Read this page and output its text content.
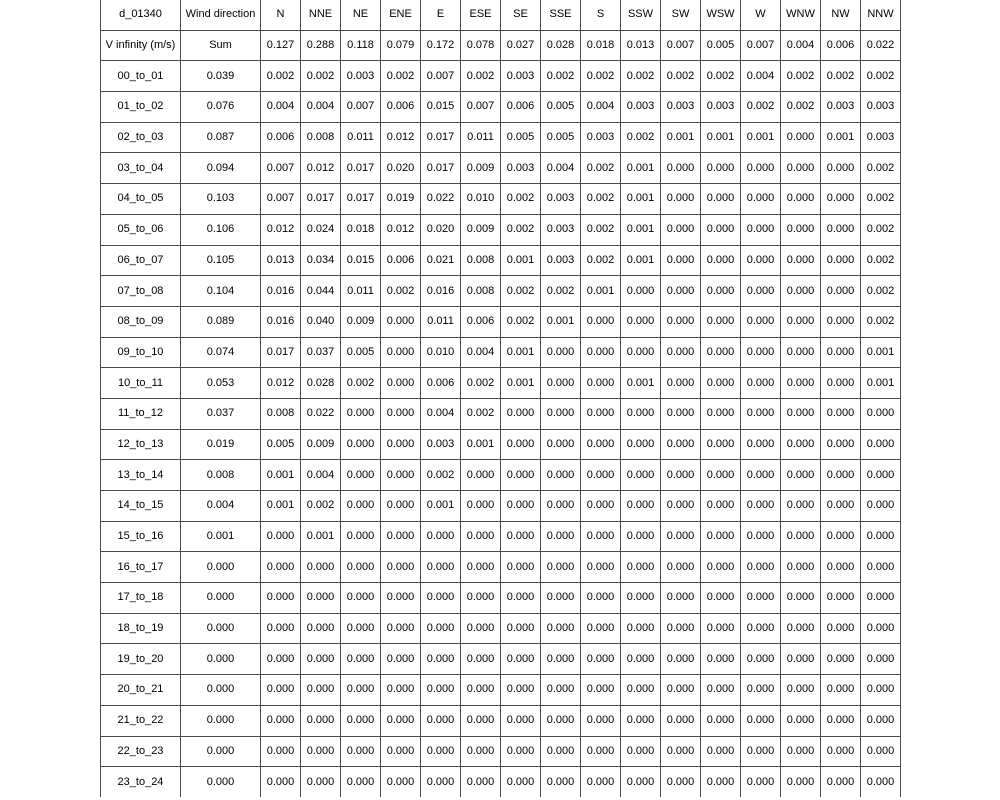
d_01340	Wind direction	N	NNE	NE	ENE	E	ESE	SE	SSE	S	SSW	SW	WSW	W	WNW	NW	NNW
V infinity (m/s)	Sum	0.127	0.288	0.118	0.079	0.172	0.078	0.027	0.028	0.018	0.013	0.007	0.005	0.007	0.004	0.006	0.022
00_to_01	0.039	0.002	0.002	0.003	0.002	0.007	0.002	0.003	0.002	0.002	0.002	0.002	0.002	0.004	0.002	0.002	0.002
01_to_02	0.076	0.004	0.004	0.007	0.006	0.015	0.007	0.006	0.005	0.004	0.003	0.003	0.003	0.002	0.002	0.003	0.003
02_to_03	0.087	0.006	0.008	0.011	0.012	0.017	0.011	0.005	0.005	0.003	0.002	0.001	0.001	0.001	0.000	0.001	0.003
03_to_04	0.094	0.007	0.012	0.017	0.020	0.017	0.009	0.003	0.004	0.002	0.001	0.000	0.000	0.000	0.000	0.000	0.002
04_to_05	0.103	0.007	0.017	0.017	0.019	0.022	0.010	0.002	0.003	0.002	0.001	0.000	0.000	0.000	0.000	0.000	0.002
05_to_06	0.106	0.012	0.024	0.018	0.012	0.020	0.009	0.002	0.003	0.002	0.001	0.000	0.000	0.000	0.000	0.000	0.002
06_to_07	0.105	0.013	0.034	0.015	0.006	0.021	0.008	0.001	0.003	0.002	0.001	0.000	0.000	0.000	0.000	0.000	0.002
07_to_08	0.104	0.016	0.044	0.011	0.002	0.016	0.008	0.002	0.002	0.001	0.000	0.000	0.000	0.000	0.000	0.000	0.002
08_to_09	0.089	0.016	0.040	0.009	0.000	0.011	0.006	0.002	0.001	0.000	0.000	0.000	0.000	0.000	0.000	0.000	0.002
09_to_10	0.074	0.017	0.037	0.005	0.000	0.010	0.004	0.001	0.000	0.000	0.000	0.000	0.000	0.000	0.000	0.000	0.001
10_to_11	0.053	0.012	0.028	0.002	0.000	0.006	0.002	0.001	0.000	0.000	0.001	0.000	0.000	0.000	0.000	0.000	0.001
11_to_12	0.037	0.008	0.022	0.000	0.000	0.004	0.002	0.000	0.000	0.000	0.000	0.000	0.000	0.000	0.000	0.000	0.000
12_to_13	0.019	0.005	0.009	0.000	0.000	0.003	0.001	0.000	0.000	0.000	0.000	0.000	0.000	0.000	0.000	0.000	0.000
13_to_14	0.008	0.001	0.004	0.000	0.000	0.002	0.000	0.000	0.000	0.000	0.000	0.000	0.000	0.000	0.000	0.000	0.000
14_to_15	0.004	0.001	0.002	0.000	0.000	0.001	0.000	0.000	0.000	0.000	0.000	0.000	0.000	0.000	0.000	0.000	0.000
15_to_16	0.001	0.000	0.001	0.000	0.000	0.000	0.000	0.000	0.000	0.000	0.000	0.000	0.000	0.000	0.000	0.000	0.000
16_to_17	0.000	0.000	0.000	0.000	0.000	0.000	0.000	0.000	0.000	0.000	0.000	0.000	0.000	0.000	0.000	0.000	0.000
17_to_18	0.000	0.000	0.000	0.000	0.000	0.000	0.000	0.000	0.000	0.000	0.000	0.000	0.000	0.000	0.000	0.000	0.000
18_to_19	0.000	0.000	0.000	0.000	0.000	0.000	0.000	0.000	0.000	0.000	0.000	0.000	0.000	0.000	0.000	0.000	0.000
19_to_20	0.000	0.000	0.000	0.000	0.000	0.000	0.000	0.000	0.000	0.000	0.000	0.000	0.000	0.000	0.000	0.000	0.000
20_to_21	0.000	0.000	0.000	0.000	0.000	0.000	0.000	0.000	0.000	0.000	0.000	0.000	0.000	0.000	0.000	0.000	0.000
21_to_22	0.000	0.000	0.000	0.000	0.000	0.000	0.000	0.000	0.000	0.000	0.000	0.000	0.000	0.000	0.000	0.000	0.000
22_to_23	0.000	0.000	0.000	0.000	0.000	0.000	0.000	0.000	0.000	0.000	0.000	0.000	0.000	0.000	0.000	0.000	0.000
23_to_24	0.000	0.000	0.000	0.000	0.000	0.000	0.000	0.000	0.000	0.000	0.000	0.000	0.000	0.000	0.000	0.000	0.000
